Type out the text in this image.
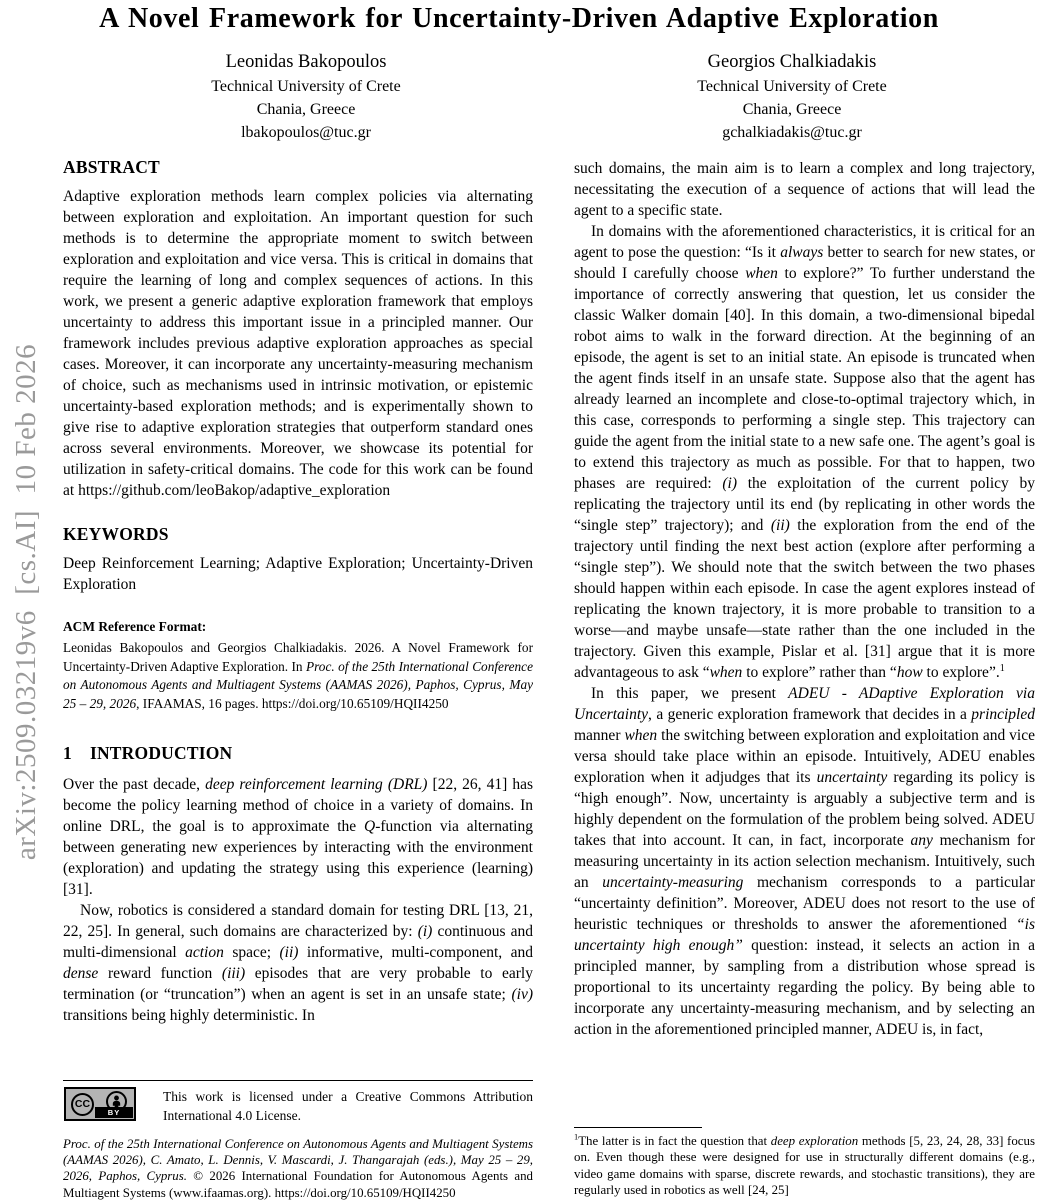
arXiv:2509.03219v6  [cs.AI]  10 Feb 2026
A Novel Framework for Uncertainty-Driven Adaptive Exploration
Leonidas Bakopoulos
Technical University of Crete
Chania, Greece
lbakopoulos@tuc.gr
Georgios Chalkiadakis
Technical University of Crete
Chania, Greece
gchalkiadakis@tuc.gr
ABSTRACT

Adaptive exploration methods learn complex policies via alternating between exploration and exploitation. An important question for such methods is to determine the appropriate moment to switch between exploration and exploitation and vice versa. This is critical in domains that require the learning of long and complex sequences of actions. In this work, we present a generic adaptive exploration framework that employs uncertainty to address this important issue in a principled manner. Our framework includes previous adaptive exploration approaches as special cases. Moreover, it can incorporate any uncertainty-measuring mechanism of choice, such as mechanisms used in intrinsic motivation, or epistemic uncertainty-based exploration methods; and is experimentally shown to give rise to adaptive exploration strategies that outperform standard ones across several environments. Moreover, we showcase its potential for utilization in safety-critical domains. The code for this work can be found at https://github.com/leoBakop/adaptive_exploration

KEYWORDS

Deep Reinforcement Learning; Adaptive Exploration; Uncertainty-Driven Exploration

ACM Reference Format:

Leonidas Bakopoulos and Georgios Chalkiadakis. 2026. A Novel Framework for Uncertainty-Driven Adaptive Exploration. In Proc. of the 25th International Conference on Autonomous Agents and Multiagent Systems (AAMAS 2026), Paphos, Cyprus, May 25 – 29, 2026, IFAAMAS, 16 pages. https://doi.org/10.65109/HQII4250

1 INTRODUCTION

Over the past decade, deep reinforcement learning (DRL) [22, 26, 41] has become the policy learning method of choice in a variety of domains. In online DRL, the goal is to approximate the Q-function via alternating between generating new experiences by interacting with the environment (exploration) and updating the strategy using this experience (learning) [31].

Now, robotics is considered a standard domain for testing DRL [13, 21, 22, 25]. In general, such domains are characterized by: (i) continuous and multi-dimensional action space; (ii) informative, multi-component, and dense reward function (iii) episodes that are very probable to early termination (or “truncation”) when an agent is set in an unsafe state; (iv) transitions being highly deterministic. In

such domains, the main aim is to learn a complex and long trajectory, necessitating the execution of a sequence of actions that will lead the agent to a specific state.

In domains with the aforementioned characteristics, it is critical for an agent to pose the question: “Is it always better to search for new states, or should I carefully choose when to explore?” To further understand the importance of correctly answering that question, let us consider the classic Walker domain [40]. In this domain, a two-dimensional bipedal robot aims to walk in the forward direction. At the beginning of an episode, the agent is set to an initial state. An episode is truncated when the agent finds itself in an unsafe state. Suppose also that the agent has already learned an incomplete and close-to-optimal trajectory which, in this case, corresponds to performing a single step. This trajectory can guide the agent from the initial state to a new safe one. The agent’s goal is to extend this trajectory as much as possible. For that to happen, two phases are required: (i) the exploitation of the current policy by replicating the trajectory until its end (by replicating in other words the “single step” trajectory); and (ii) the exploration from the end of the trajectory until finding the next best action (explore after performing a “single step”). We should note that the switch between the two phases should happen within each episode. In case the agent explores instead of replicating the known trajectory, it is more probable to transition to a worse—and maybe unsafe—state rather than the one included in the trajectory. Given this example, Pislar et al. [31] argue that it is more advantageous to ask “when to explore” rather than “how to explore”.$^1$

In this paper, we present ADEU - ADaptive Exploration via Uncertainty, a generic exploration framework that decides in a principled manner when the switching between exploration and exploitation and vice versa should take place within an episode. Intuitively, ADEU enables exploration when it adjudges that its uncertainty regarding its policy is “high enough”. Now, uncertainty is arguably a subjective term and is highly dependent on the formulation of the problem being solved. ADEU takes that into account. It can, in fact, incorporate any mechanism for measuring uncertainty in its action selection mechanism. Intuitively, such an uncertainty-measuring mechanism corresponds to a particular “uncertainty definition”. Moreover, ADEU does not resort to the use of heuristic techniques or thresholds to answer the aforementioned “is uncertainty high enough” question: instead, it selects an action in a principled manner, by sampling from a distribution whose spread is proportional to its uncertainty regarding the policy. By being able to incorporate any uncertainty-measuring mechanism, and by selecting an action in the aforementioned principled manner, ADEU is, in fact,

CC
BY
This work is licensed under a Creative Commons Attribution International 4.0 License.
Proc. of the 25th International Conference on Autonomous Agents and Multiagent Systems (AAMAS 2026), C. Amato, L. Dennis, V. Mascardi, J. Thangarajah (eds.), May 25 – 29, 2026, Paphos, Cyprus. © 2026 International Foundation for Autonomous Agents and Multiagent Systems (www.ifaamas.org). https://doi.org/10.65109/HQII4250
$^1$The latter is in fact the question that deep exploration methods [5, 23, 24, 28, 33] focus on. Even though these were designed for use in structurally different domains (e.g., video game domains with sparse, discrete rewards, and stochastic transitions), they are regularly used in robotics as well [24, 25]
